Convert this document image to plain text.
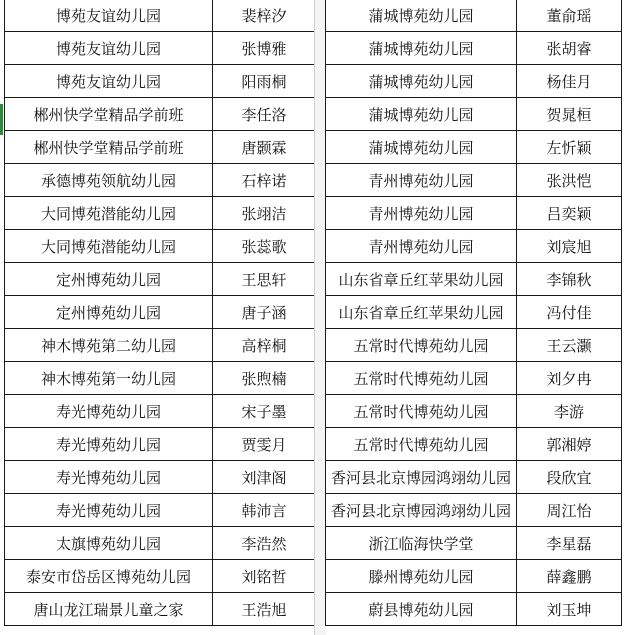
博苑友谊幼儿园	裴梓汐
博苑友谊幼儿园	张博雅
博苑友谊幼儿园	阳雨桐
郴州快学堂精品学前班	李任洛
郴州快学堂精品学前班	唐颢霖
承德博苑领航幼儿园	石梓诺
大同博苑潜能幼儿园	张翊洁
大同博苑潜能幼儿园	张蕊歌
定州博苑幼儿园	王思轩
定州博苑幼儿园	唐子涵
神木博苑第二幼儿园	高梓桐
神木博苑第一幼儿园	张煦楠
寿光博苑幼儿园	宋子墨
寿光博苑幼儿园	贾雯月
寿光博苑幼儿园	刘津阁
寿光博苑幼儿园	韩沛言
太旗博苑幼儿园	李浩然
泰安市岱岳区博苑幼儿园	刘铭哲
唐山龙江瑞景儿童之家	王浩旭
蒲城博苑幼儿园	董俞瑶
蒲城博苑幼儿园	张胡睿
蒲城博苑幼儿园	杨佳月
蒲城博苑幼儿园	贺晁桓
蒲城博苑幼儿园	左忻颖
青州博苑幼儿园	张洪恺
青州博苑幼儿园	吕奕颖
青州博苑幼儿园	刘宸旭
山东省章丘红苹果幼儿园	李锦秋
山东省章丘红苹果幼儿园	冯付佳
五常时代博苑幼儿园	王云灏
五常时代博苑幼儿园	刘夕冉
五常时代博苑幼儿园	李游
五常时代博苑幼儿园	郭湘婷
香河县北京博园鸿翊幼儿园	段欣宜
香河县北京博园鸿翊幼儿园	周江怡
浙江临海快学堂	李星磊
滕州博苑幼儿园	薛鑫鹏
蔚县博苑幼儿园	刘玉坤
